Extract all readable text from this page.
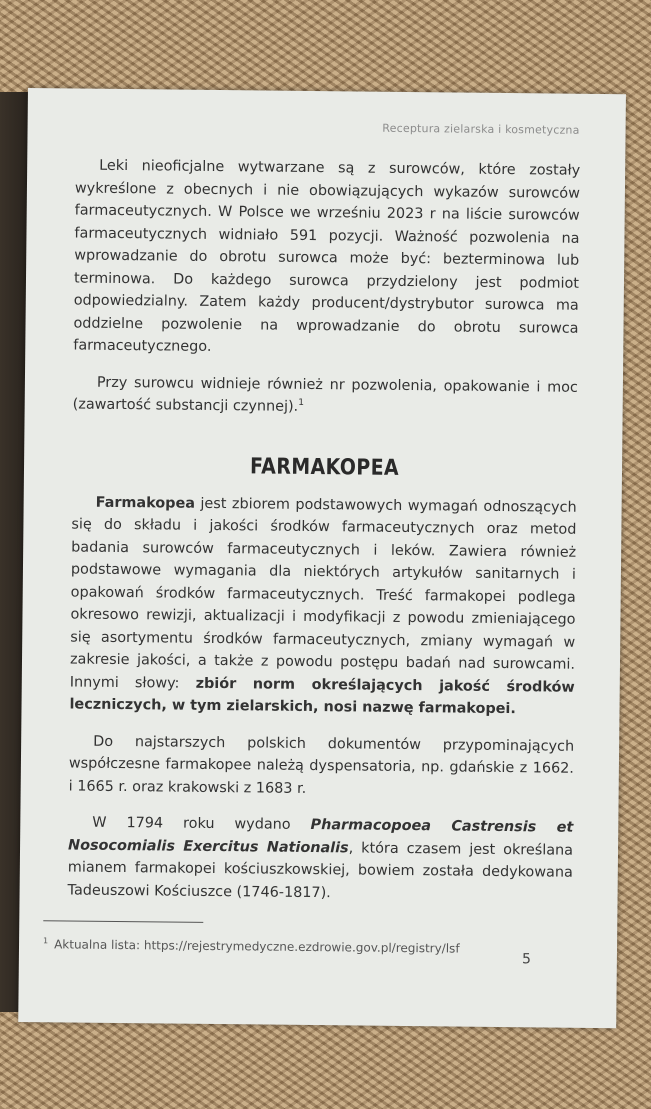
Receptura zielarska i kosmetyczna

Leki nieoficjalne wytwarzane są z surowców, które zostały wykreślone z obecnych i nie obowiązujących wykazów surowców farmaceutycznych. W Polsce we wrześniu 2023 r na liście surowców farmaceutycznych widniało 591 pozycji. Ważność pozwolenia na wprowadzanie do obrotu surowca może być: bezterminowa lub terminowa. Do każdego surowca przydzielony jest podmiot odpowiedzialny. Zatem każdy producent/dystrybutor surowca ma oddzielne pozwolenie na wprowadzanie do obrotu surowca farmaceutycznego.

Przy surowcu widnieje również nr pozwolenia, opakowanie i moc (zawartość substancji czynnej).$^1$

FARMAKOPEA

Farmakopea jest zbiorem podstawowych wymagań odnoszących się do składu i jakości środków farmaceutycznych oraz metod badania surowców farmaceutycznych i leków. Zawiera również podstawowe wymagania dla niektórych artykułów sanitarnych i opakowań środków farmaceutycznych. Treść farmakopei podlega okresowo rewizji, aktualizacji i modyfikacji z powodu zmieniającego się asortymentu środków farmaceutycznych, zmiany wymagań w zakresie jakości, a także z powodu postępu badań nad surowcami. Innymi słowy: zbiór norm określających jakość środków leczniczych, w tym zielarskich, nosi nazwę farmakopei.

Do najstarszych polskich dokumentów przypominających współczesne farmakopee należą dyspensatoria, np. gdańskie z 1662. i 1665 r. oraz krakowski z 1683 r.

W 1794 roku wydano Pharmacopoea Castrensis et Nosocomialis Exercitus Nationalis, która czasem jest określana mianem farmakopei kościuszkowskiej, bowiem została dedykowana Tadeuszowi Kościuszce (1746-1817).

$^1$ Aktualna lista: https://rejestrymedyczne.ezdrowie.gov.pl/registry/lsf
5
